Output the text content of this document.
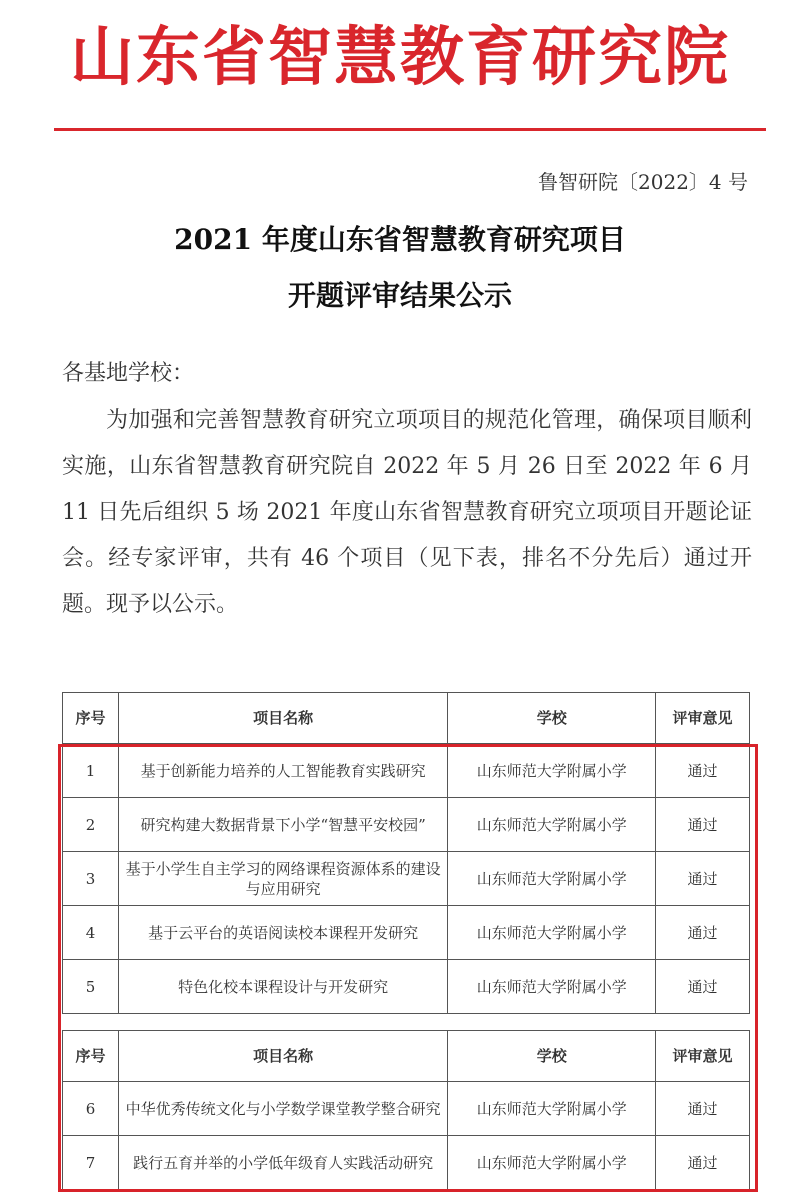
山东省智慧教育研究院
鲁智研院〔2022〕4 号
2021 年度山东省智慧教育研究项目
开题评审结果公示
各基地学校：

为加强和完善智慧教育研究立项项目的规范化管理，确保项目顺利实施，山东省智慧教育研究院自 2022 年 5 月 26 日至 2022 年 6 月 11 日先后组织 5 场 2021 年度山东省智慧教育研究立项项目开题论证会。经专家评审，共有 46 个项目（见下表，排名不分先后）通过开题。现予以公示。

序号	项目名称	学校	评审意见
1	基于创新能力培养的人工智能教育实践研究	山东师范大学附属小学	通过
2	研究构建大数据背景下小学“智慧平安校园”	山东师范大学附属小学	通过
3	基于小学生自主学习的网络课程资源体系的建设与应用研究	山东师范大学附属小学	通过
4	基于云平台的英语阅读校本课程开发研究	山东师范大学附属小学	通过
5	特色化校本课程设计与开发研究	山东师范大学附属小学	通过
序号	项目名称	学校	评审意见
6	中华优秀传统文化与小学数学课堂教学整合研究	山东师范大学附属小学	通过
7	践行五育并举的小学低年级育人实践活动研究	山东师范大学附属小学	通过
